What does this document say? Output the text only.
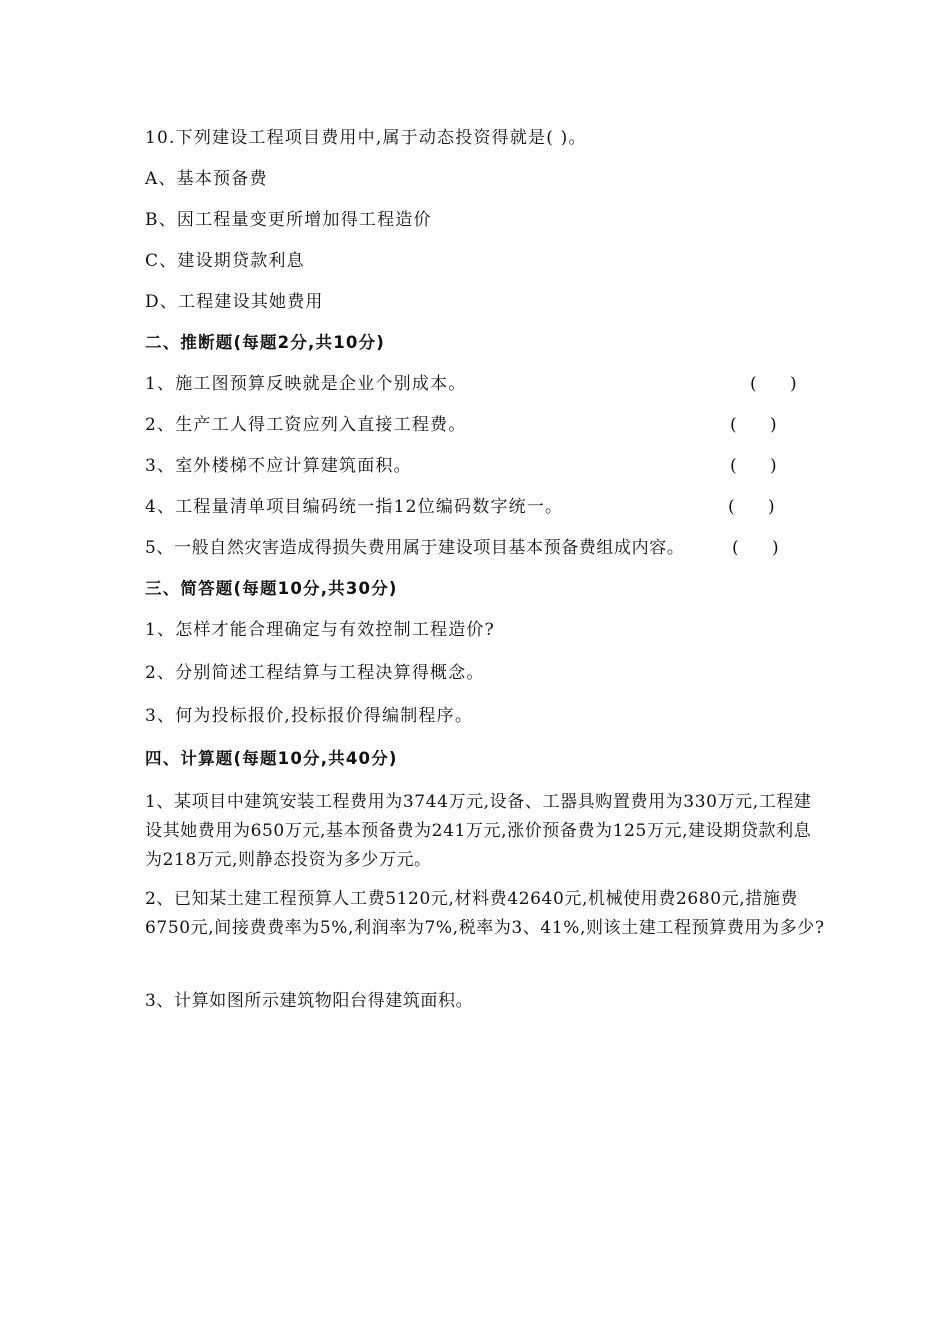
10.下列建设工程项目费用中,属于动态投资得就是( )。
A、基本预备费
B、因工程量变更所增加得工程造价
C、建设期贷款利息
D、工程建设其她费用
二、推断题(每题2分,共10分)
1、施工图预算反映就是企业个别成本。	( )
2、生产工人得工资应列入直接工程费。	( )
3、室外楼梯不应计算建筑面积。	( )
4、工程量清单项目编码统一指12位编码数字统一。	( )
5、一般自然灾害造成得损失费用属于建设项目基本预备费组成内容。	( )
三、简答题(每题10分,共30分)
1、怎样才能合理确定与有效控制工程造价?
2、分别简述工程结算与工程决算得概念。
3、何为投标报价,投标报价得编制程序。
四、计算题(每题10分,共40分)
1、某项目中建筑安装工程费用为3744万元,设备、工器具购置费用为330万元,工程建设其她费用为650万元,基本预备费为241万元,涨价预备费为125万元,建设期贷款利息为218万元,则静态投资为多少万元。
2、已知某土建工程预算人工费5120元,材料费42640元,机械使用费2680元,措施费6750元,间接费费率为5%,利润率为7%,税率为3、41%,则该土建工程预算费用为多少?
3、计算如图所示建筑物阳台得建筑面积。
